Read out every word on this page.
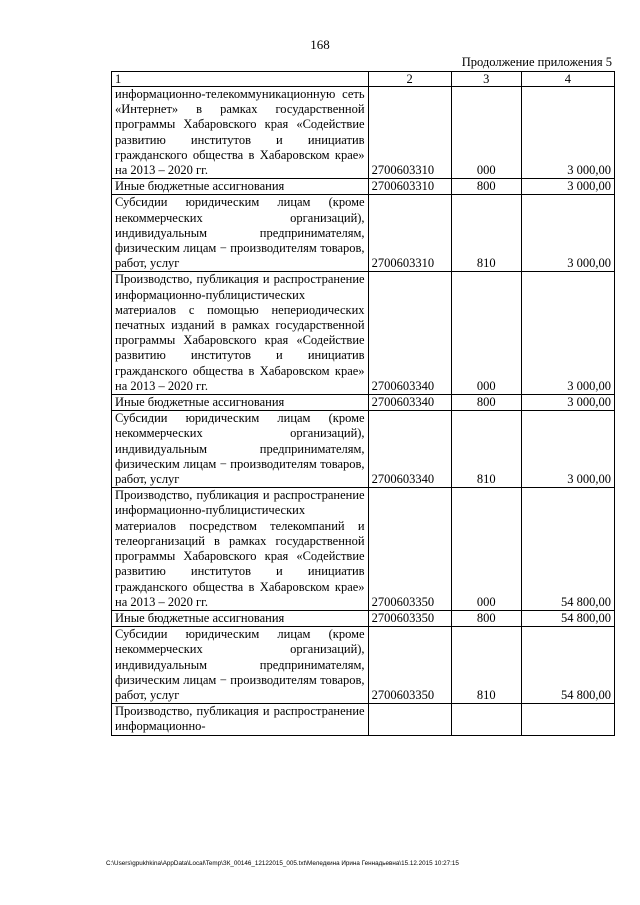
168
Продолжение приложения 5
1	2	3	4
информационно-телекоммуникационную сеть «Интернет» в рамках государственной программы Хабаровского края «Содействие развитию институтов и инициатив гражданского общества в Хабаровском крае» на 2013 – 2020 гг.	2700603310	000	3 000,00
Иные бюджетные ассигнования	2700603310	800	3 000,00
Субсидии юридическим лицам (кроме некоммерческих организаций), индивидуальным предпринимателям, физическим лицам − производителям товаров, работ, услуг	2700603310	810	3 000,00
Производство, публикация и распространение информационно-публицистических материалов с помощью непериодических печатных изданий в рамках государственной программы Хабаровского края «Содействие развитию институтов и инициатив гражданского общества в Хабаровском крае» на 2013 – 2020 гг.	2700603340	000	3 000,00
Иные бюджетные ассигнования	2700603340	800	3 000,00
Субсидии юридическим лицам (кроме некоммерческих организаций), индивидуальным предпринимателям, физическим лицам − производителям товаров, работ, услуг	2700603340	810	3 000,00
Производство, публикация и распространение информационно-публицистических материалов посредством телекомпаний и телеорганизаций в рамках государственной программы Хабаровского края «Содействие развитию институтов и инициатив гражданского общества в Хабаровском крае» на 2013 – 2020 гг.	2700603350	000	54 800,00
Иные бюджетные ассигнования	2700603350	800	54 800,00
Субсидии юридическим лицам (кроме некоммерческих организаций), индивидуальным предпринимателям, физическим лицам − производителям товаров, работ, услуг	2700603350	810	54 800,00
Производство, публикация и распространение информационно-			
C:\Users\gpukhkina\AppData\Local\Temp\ЗК_00146_12122015_005.txt\Меледкина Ирина Геннадьевна\15.12.2015 10:27:15
